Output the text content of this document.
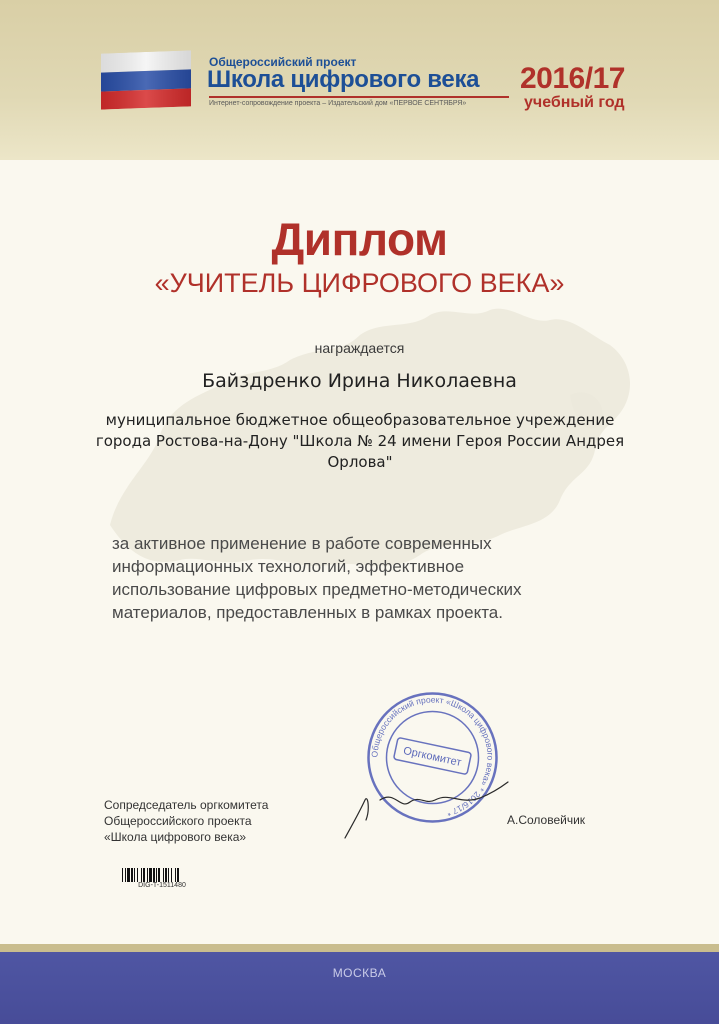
Общероссийский проект
Школа цифрового века
Интернет-сопровождение проекта – Издательский дом «ПЕРВОЕ СЕНТЯБРЯ»
2016/17
учебный год
Диплом
«УЧИТЕЛЬ ЦИФРОВОГО ВЕКА»
награждается
Байздренко Ирина Николаевна
муниципальное бюджетное общеобразовательное учреждение города Ростова-на-Дону "Школа № 24 имени Героя России Андрея Орлова"
за активное применение в работе современных информационных технологий, эффективное использование цифровых предметно-методических материалов, предоставленных в рамках проекта.
Общероссийский проект «Школа цифрового века» * 2016/17 *
Оргкомитет
Сопредседатель оргкомитета
Общероссийского проекта
«Школа цифрового века»
А.Соловейчик
DIG-T-1511480
МОСКВА
